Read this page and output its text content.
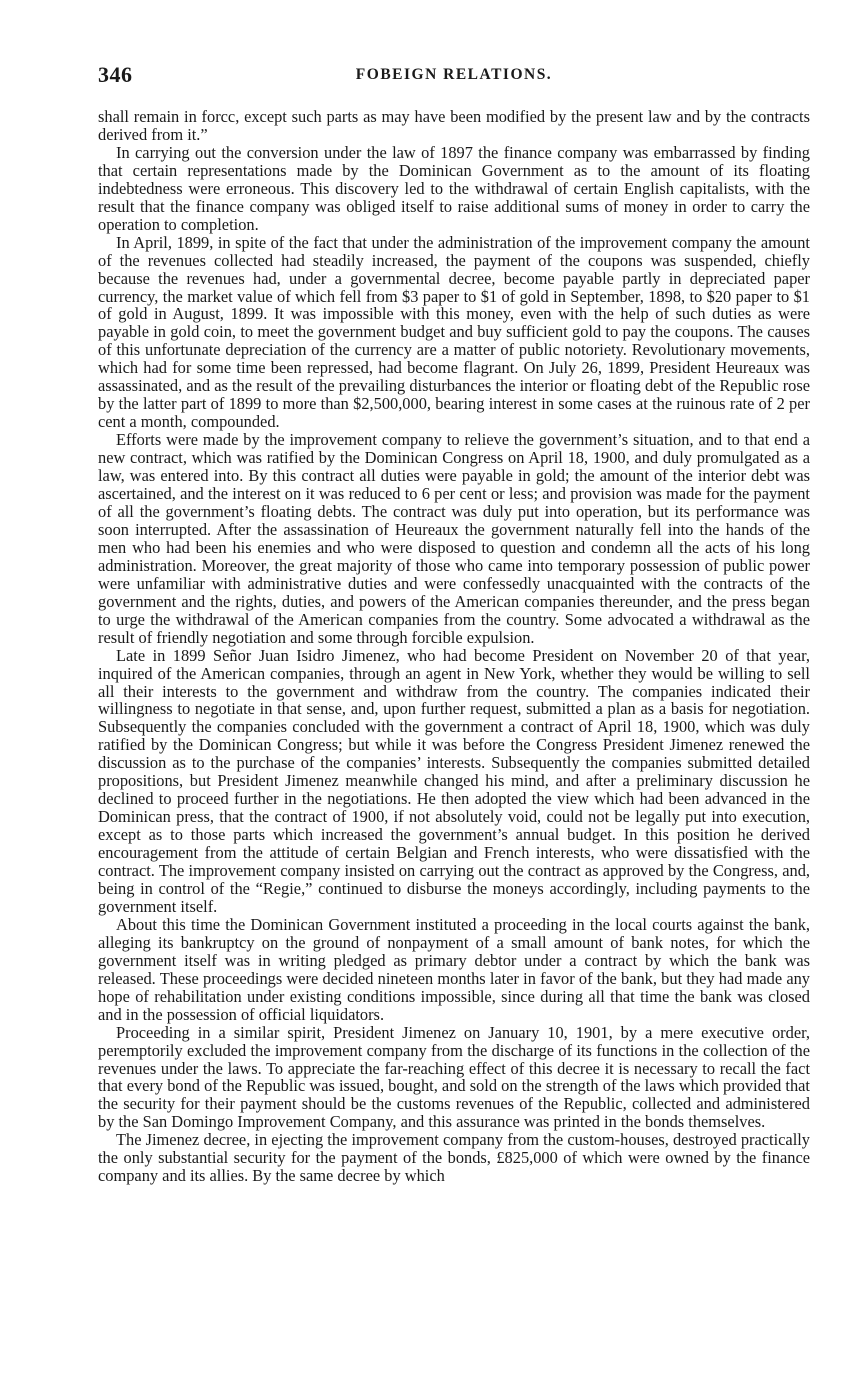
346	FOBEIGN RELATIONS.

shall remain in forcc, except such parts as may have been modified by the present law and by the contracts derived from it.”

In carrying out the conversion under the law of 1897 the finance company was embarrassed by finding that certain representations made by the Dominican Government as to the amount of its floating indebtedness were erroneous. This discovery led to the withdrawal of certain English capitalists, with the result that the finance company was obliged itself to raise additional sums of money in order to carry the operation to completion.

In April, 1899, in spite of the fact that under the administration of the improvement company the amount of the revenues collected had steadily increased, the payment of the coupons was suspended, chiefly because the revenues had, under a governmental decree, become payable partly in depreciated paper currency, the market value of which fell from $3 paper to $1 of gold in September, 1898, to $20 paper to $1 of gold in August, 1899. It was impossible with this money, even with the help of such duties as were payable in gold coin, to meet the government budget and buy sufficient gold to pay the coupons. The causes of this unfortunate depreciation of the currency are a matter of public notoriety. Revolutionary movements, which had for some time been repressed, had become flagrant. On July 26, 1899, President Heureaux was assassinated, and as the result of the prevailing disturbances the interior or floating debt of the Republic rose by the latter part of 1899 to more than $2,500,000, bearing interest in some cases at the ruinous rate of 2 per cent a month, compounded.

Efforts were made by the improvement company to relieve the government’s situation, and to that end a new contract, which was ratified by the Dominican Congress on April 18, 1900, and duly promulgated as a law, was entered into. By this contract all duties were payable in gold; the amount of the interior debt was ascertained, and the interest on it was reduced to 6 per cent or less; and provision was made for the payment of all the government’s floating debts. The contract was duly put into operation, but its performance was soon interrupted. After the assassination of Heureaux the government naturally fell into the hands of the men who had been his enemies and who were disposed to question and condemn all the acts of his long administration. Moreover, the great majority of those who came into temporary possession of public power were unfamiliar with administrative duties and were confessedly unacquainted with the contracts of the government and the rights, duties, and powers of the American companies thereunder, and the press began to urge the withdrawal of the American companies from the country. Some advocated a withdrawal as the result of friendly negotiation and some through forcible expulsion.

Late in 1899 Señor Juan Isidro Jimenez, who had become President on November 20 of that year, inquired of the American companies, through an agent in New York, whether they would be willing to sell all their interests to the government and withdraw from the country. The companies indicated their willingness to negotiate in that sense, and, upon further request, submitted a plan as a basis for negotiation. Subsequently the companies concluded with the government a contract of April 18, 1900, which was duly ratified by the Dominican Congress; but while it was before the Congress President Jimenez renewed the discussion as to the purchase of the companies’ interests. Subsequently the companies submitted detailed propositions, but President Jimenez meanwhile changed his mind, and after a preliminary discussion he declined to proceed further in the negotiations. He then adopted the view which had been advanced in the Dominican press, that the contract of 1900, if not absolutely void, could not be legally put into execution, except as to those parts which increased the government’s annual budget. In this position he derived encouragement from the attitude of certain Belgian and French interests, who were dissatisfied with the contract. The improvement company insisted on carrying out the contract as approved by the Congress, and, being in control of the “Regie,” continued to disburse the moneys accordingly, including payments to the government itself.

About this time the Dominican Government instituted a proceeding in the local courts against the bank, alleging its bankruptcy on the ground of nonpayment of a small amount of bank notes, for which the government itself was in writing pledged as primary debtor under a contract by which the bank was released. These proceedings were decided nineteen months later in favor of the bank, but they had made any hope of rehabilitation under existing conditions impossible, since during all that time the bank was closed and in the possession of official liquidators.

Proceeding in a similar spirit, President Jimenez on January 10, 1901, by a mere executive order, peremptorily excluded the improvement company from the discharge of its functions in the collection of the revenues under the laws. To appreciate the far-reaching effect of this decree it is necessary to recall the fact that every bond of the Republic was issued, bought, and sold on the strength of the laws which provided that the security for their payment should be the customs revenues of the Republic, collected and administered by the San Domingo Improvement Company, and this assurance was printed in the bonds themselves.

The Jimenez decree, in ejecting the improvement company from the custom-houses, destroyed practically the only substantial security for the payment of the bonds, £825,000 of which were owned by the finance company and its allies. By the same decree by which
